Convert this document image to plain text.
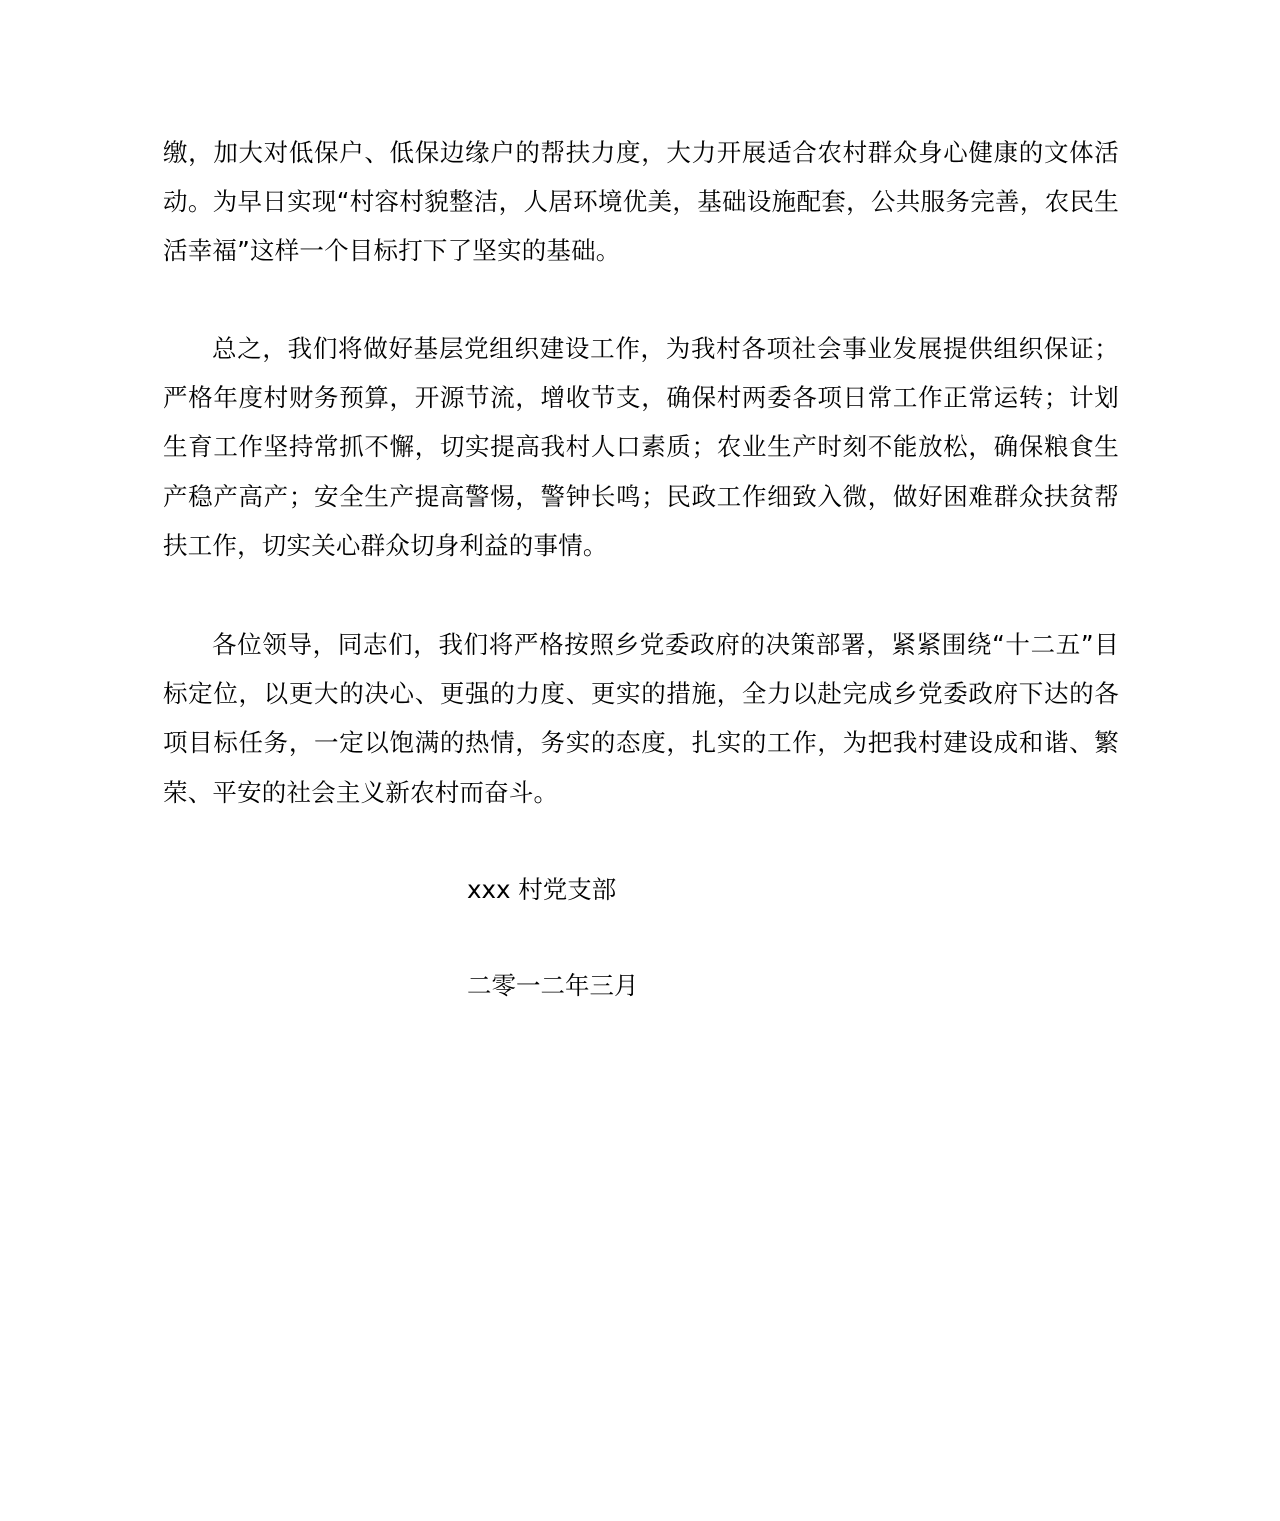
缴，加大对低保户、低保边缘户的帮扶力度，大力开展适合农村群众身心健康的文体活动。为早日实现“村容村貌整洁，人居环境优美，基础设施配套，公共服务完善，农民生活幸福”这样一个目标打下了坚实的基础。

总之，我们将做好基层党组织建设工作，为我村各项社会事业发展提供组织保证；严格年度村财务预算，开源节流，增收节支，确保村两委各项日常工作正常运转；计划生育工作坚持常抓不懈，切实提高我村人口素质；农业生产时刻不能放松，确保粮食生产稳产高产；安全生产提高警惕，警钟长鸣；民政工作细致入微，做好困难群众扶贫帮扶工作，切实关心群众切身利益的事情。

各位领导，同志们，我们将严格按照乡党委政府的决策部署，紧紧围绕“十二五”目标定位，以更大的决心、更强的力度、更实的措施，全力以赴完成乡党委政府下达的各项目标任务，一定以饱满的热情，务实的态度，扎实的工作，为把我村建设成和谐、繁荣、平安的社会主义新农村而奋斗。

xxx 村党支部

二零一二年三月
